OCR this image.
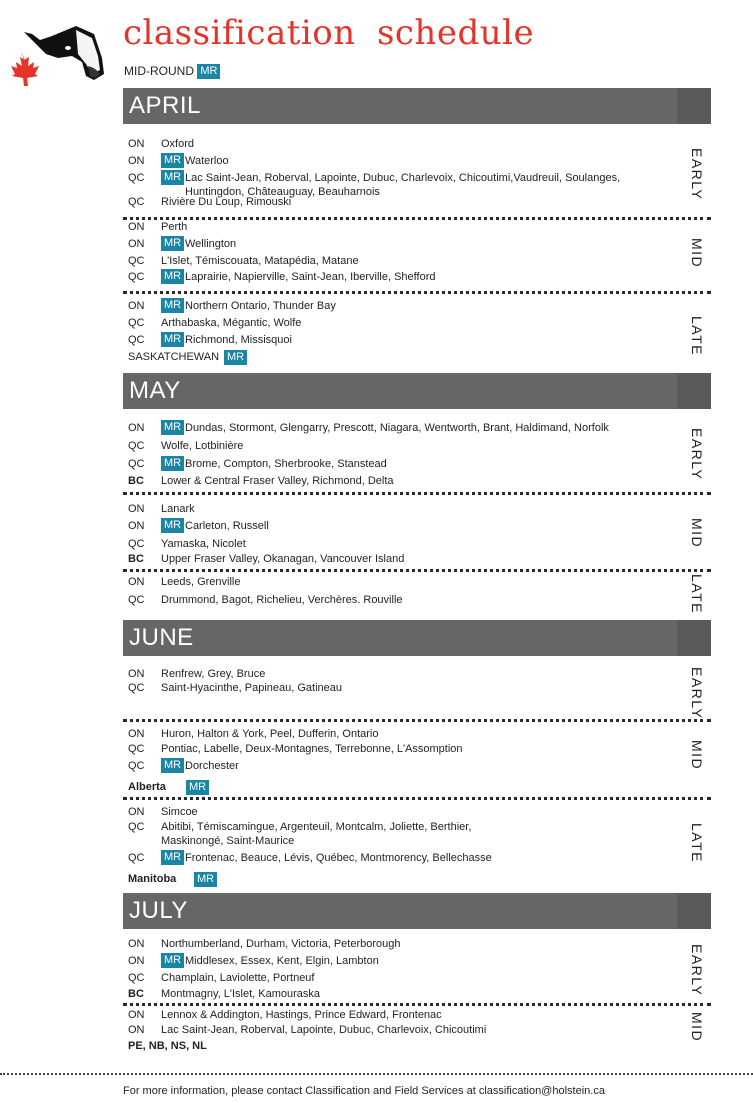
classification schedule
MID-ROUND MR
APRIL
ON Oxford
ON MR Waterloo
QC MR Lac Saint-Jean, Roberval, Lapointe, Dubuc, Charlevoix, Chicoutimi,Vaudreuil, Soulanges,
Huntingdon, Châteauguay, Beauharnois
QC Rivière Du Loup, Rimouski
EARLY
ON Perth
ON MR Wellington
QC L'Islet, Témiscouata, Matapédia, Matane
QC MR Laprairie, Napierville, Saint-Jean, Iberville, Shefford
MID
ON MR Northern Ontario, Thunder Bay
QC Arthabaska, Mégantic, Wolfe
QC MR Richmond, Missisquoi
SASKATCHEWAN MR
LATE
MAY
ON MR Dundas, Stormont, Glengarry, Prescott, Niagara, Wentworth, Brant, Haldimand, Norfolk
QC Wolfe, Lotbinière
QC MR Brome, Compton, Sherbrooke, Stanstead
BC Lower & Central Fraser Valley, Richmond, Delta
EARLY
ON Lanark
ON MR Carleton, Russell
QC Yamaska, Nicolet
BC Upper Fraser Valley, Okanagan, Vancouver Island
MID
ON Leeds, Grenville
QC Drummond, Bagot, Richelieu, Verchères. Rouville	LATE
JUNE
ON Renfrew, Grey, Bruce
QC Saint-Hyacinthe, Papineau, Gatineau	EARLY
ON Huron, Halton & York, Peel, Dufferin, Ontario
QC Pontiac, Labelle, Deux-Montagnes, Terrebonne, L'Assomption
QC MR Dorchester
Alberta MR
MID
ON Simcoe
QC Abitibi, Témiscamingue, Argenteuil, Montcalm, Joliette, Berthier,
Maskinongé, Saint-Maurice
QC MR Frontenac, Beauce, Lévis, Québec, Montmorency, Bellechasse
Manitoba MR
LATE
JULY
ON Northumberland, Durham, Victoria, Peterborough
ON MR Middlesex, Essex, Kent, Elgin, Lambton
QC Champlain, Laviolette, Portneuf
BC Montmagny, L'Islet, Kamouraska	EARLY
ON Lennox & Addington, Hastings, Prince Edward, Frontenac
ON Lac Saint-Jean, Roberval, Lapointe, Dubuc, Charlevoix, Chicoutimi
PE, NB, NS, NL
MID
For more information, please contact Classification and Field Services at classification@holstein.ca
